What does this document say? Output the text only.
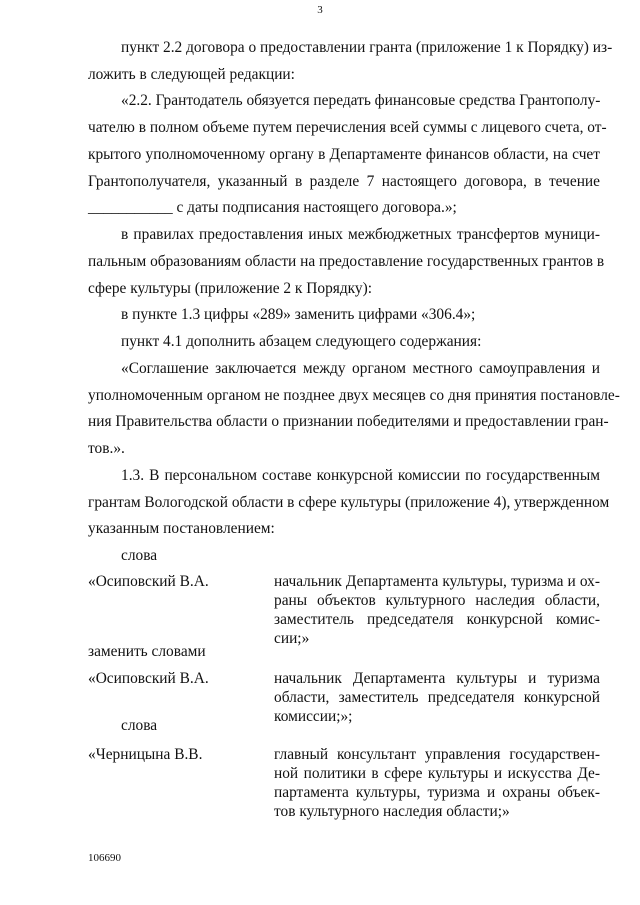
3
пункт 2.2 договора о предоставлении гранта (приложение 1 к Порядку) из-
ложить в следующей редакции:
«2.2. Грантодатель обязуется передать финансовые средства Грантополу-
чателю в полном объеме путем перечисления всей суммы с лицевого счета, от-
крытого уполномоченному органу в Департаменте финансов области, на счет
Грантополучателя, указанный в разделе 7 настоящего договора, в течение
___________ с даты подписания настоящего договора.»;
в правилах предоставления иных межбюджетных трансфертов муници-
пальным образованиям области на предоставление государственных грантов в
сфере культуры (приложение 2 к Порядку):
в пункте 1.3 цифры «289» заменить цифрами «306.4»;
пункт 4.1 дополнить абзацем следующего содержания:
«Соглашение заключается между органом местного самоуправления и
уполномоченным органом не позднее двух месяцев со дня принятия постановле-
ния Правительства области о признании победителями и предоставлении гран-
тов.».
1.3. В персональном составе конкурсной комиссии по государственным
грантам Вологодской области в сфере культуры (приложение 4), утвержденном
указанным постановлением:
слова
«Осиповский В.А.	начальник Департамента культуры, туризма и ох-
раны объектов культурного наследия области,
заместитель председателя конкурсной комис-
сии;»
заменить словами
«Осиповский В.А.	начальник Департамента культуры и туризма
области, заместитель председателя конкурсной
комиссии;»;
слова
«Черницына В.В.	главный консультант управления государствен-
ной политики в сфере культуры и искусства Де-
партамента культуры, туризма и охраны объек-
тов культурного наследия области;»
106690
